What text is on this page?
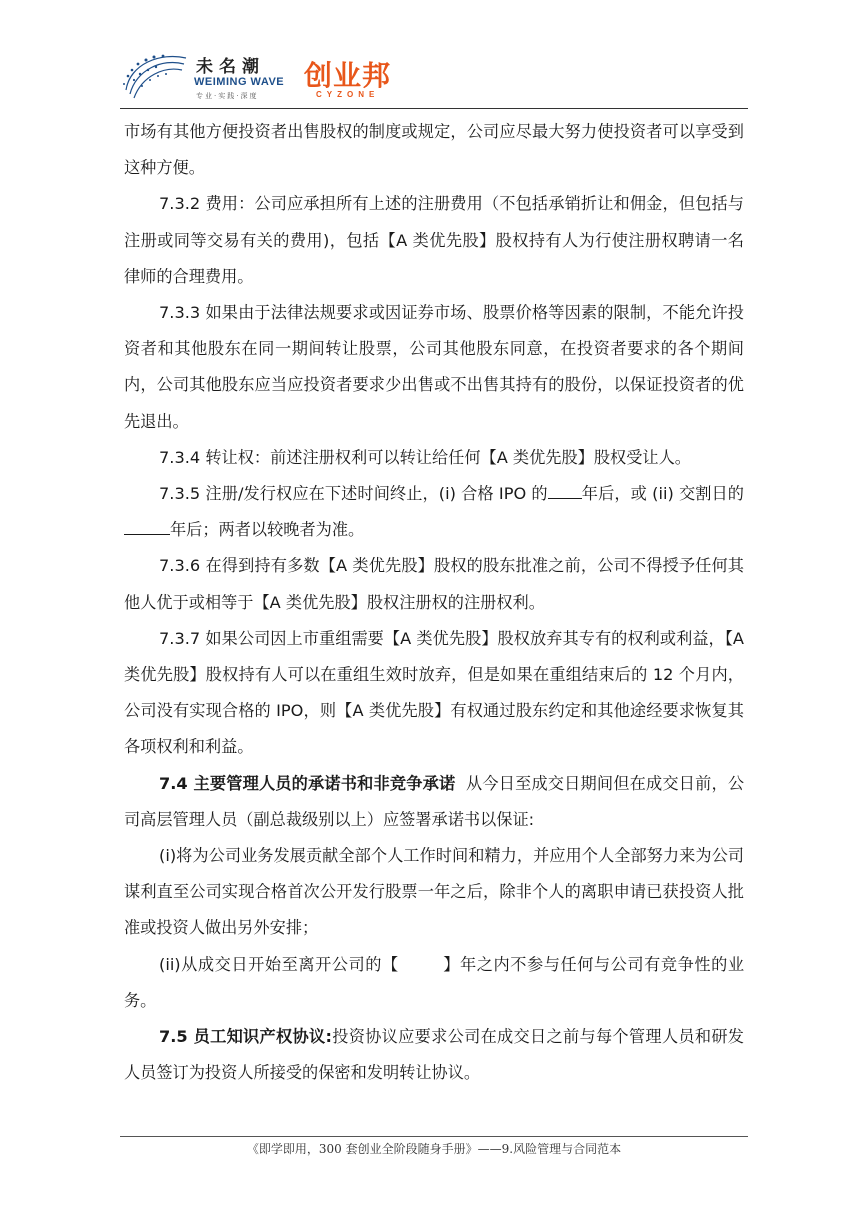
未名潮
WEIMING WAVE
专业·实践·深度
创业邦
CYZONE

市场有其他方便投资者出售股权的制度或规定，公司应尽最大努力使投资者可以享受到这种方便。

7.3.2 费用：公司应承担所有上述的注册费用（不包括承销折让和佣金，但包括与注册或同等交易有关的费用)，包括【A 类优先股】股权持有人为行使注册权聘请一名律师的合理费用。

7.3.3 如果由于法律法规要求或因证券市场、股票价格等因素的限制，不能允许投资者和其他股东在同一期间转让股票，公司其他股东同意，在投资者要求的各个期间内，公司其他股东应当应投资者要求少出售或不出售其持有的股份，以保证投资者的优先退出。

7.3.4 转让权：前述注册权利可以转让给任何【A 类优先股】股权受让人。

7.3.5 注册/发行权应在下述时间终止，(i) 合格 IPO 的 年后，或 (ii) 交割日的年后；两者以较晚者为准。

7.3.6 在得到持有多数【A 类优先股】股权的股东批准之前，公司不得授予任何其他人优于或相等于【A 类优先股】股权注册权的注册权利。

7.3.7 如果公司因上市重组需要【A 类优先股】股权放弃其专有的权利或利益，【A 类优先股】股权持有人可以在重组生效时放弃，但是如果在重组结束后的 12 个月内，公司没有实现合格的 IPO，则【A 类优先股】有权通过股东约定和其他途经要求恢复其各项权利和利益。

7.4 主要管理人员的承诺书和非竞争承诺 从今日至成交日期间但在成交日前，公司高层管理人员（副总裁级别以上）应签署承诺书以保证:

(i)将为公司业务发展贡献全部个人工作时间和精力，并应用个人全部努力来为公司谋利直至公司实现合格首次公开发行股票一年之后，除非个人的离职申请已获投资人批准或投资人做出另外安排；

(ii)从成交日开始至离开公司的【	】年之内不参与任何与公司有竞争性的业务。

7.5 员工知识产权协议:投资协议应要求公司在成交日之前与每个管理人员和研发人员签订为投资人所接受的保密和发明转让协议。

《即学即用，300 套创业全阶段随身手册》——9.风险管理与合同范本
